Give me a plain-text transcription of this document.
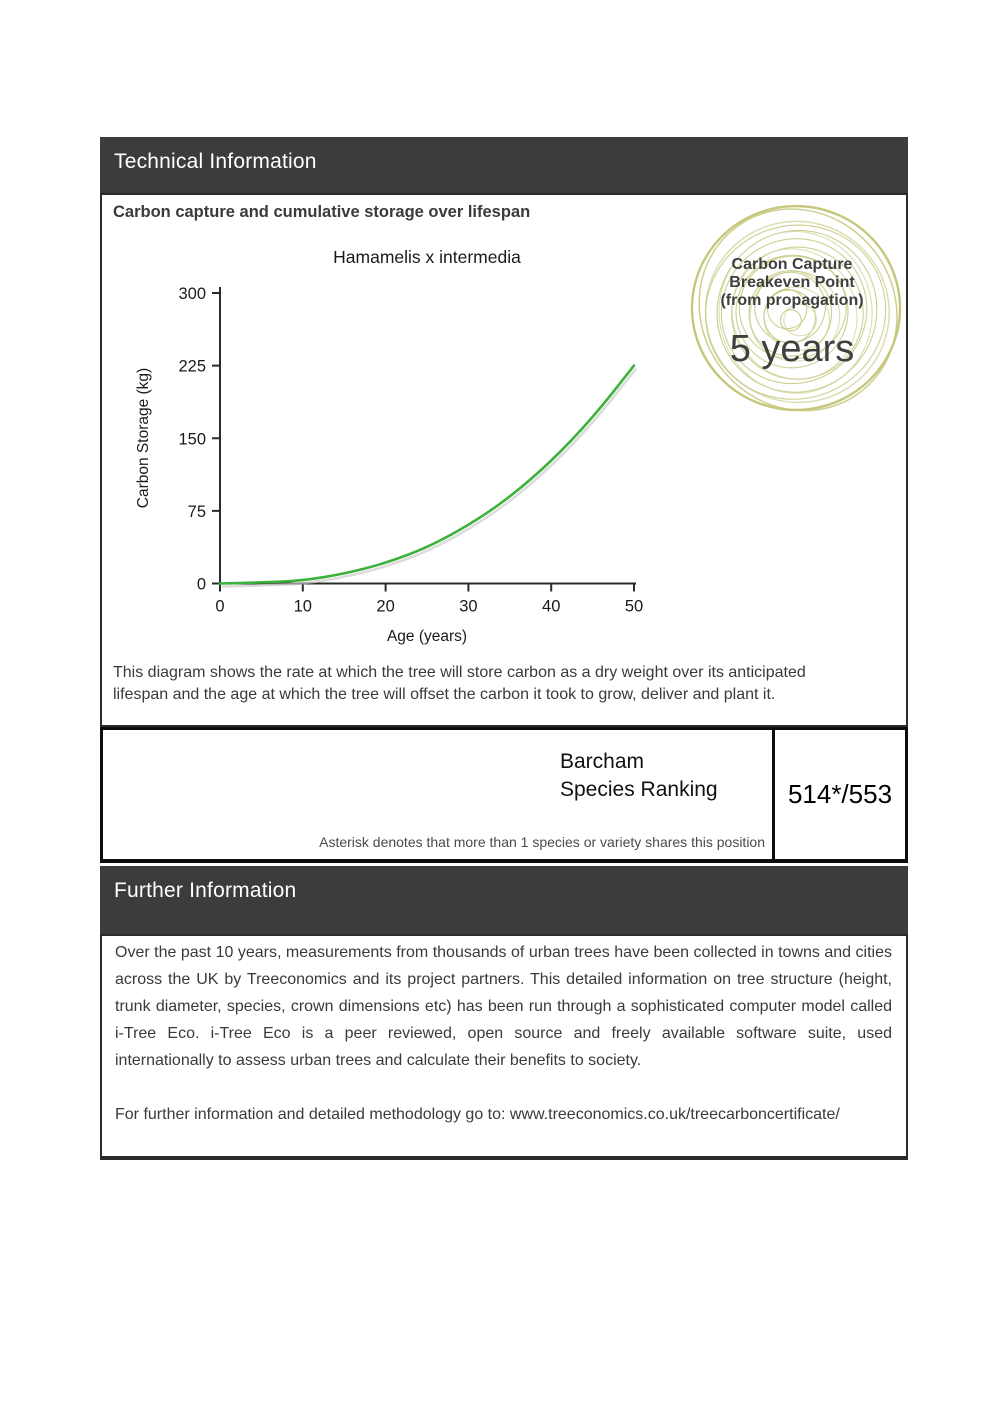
Technical Information
Carbon capture and cumulative storage over lifespan
Hamamelis x intermedia
Age (years)
Carbon Storage (kg)
0
75
150
225
300
0	10	20	30	40	50
Carbon Capture
Breakeven Point
(from propagation)
5 years
This diagram shows the rate at which the tree will store carbon as a dry weight over its anticipated
lifespan and the age at which the tree will offset the carbon it took to grow, deliver and plant it.
Barcham
Species Ranking
Asterisk denotes that more than 1 species or variety shares this position
514*/553
Further Information
Over the past 10 years, measurements from thousands of urban trees have been collected in towns and cities across the UK by Treeconomics and its project partners. This detailed information on tree structure (height, trunk diameter, species, crown dimensions etc) has been run through a sophisticated computer model called i-Tree Eco. i-Tree Eco is a peer reviewed, open source and freely available software suite, used internationally to assess urban trees and calculate their benefits to society.
For further information and detailed methodology go to: www.treeconomics.co.uk/treecarboncertificate/
